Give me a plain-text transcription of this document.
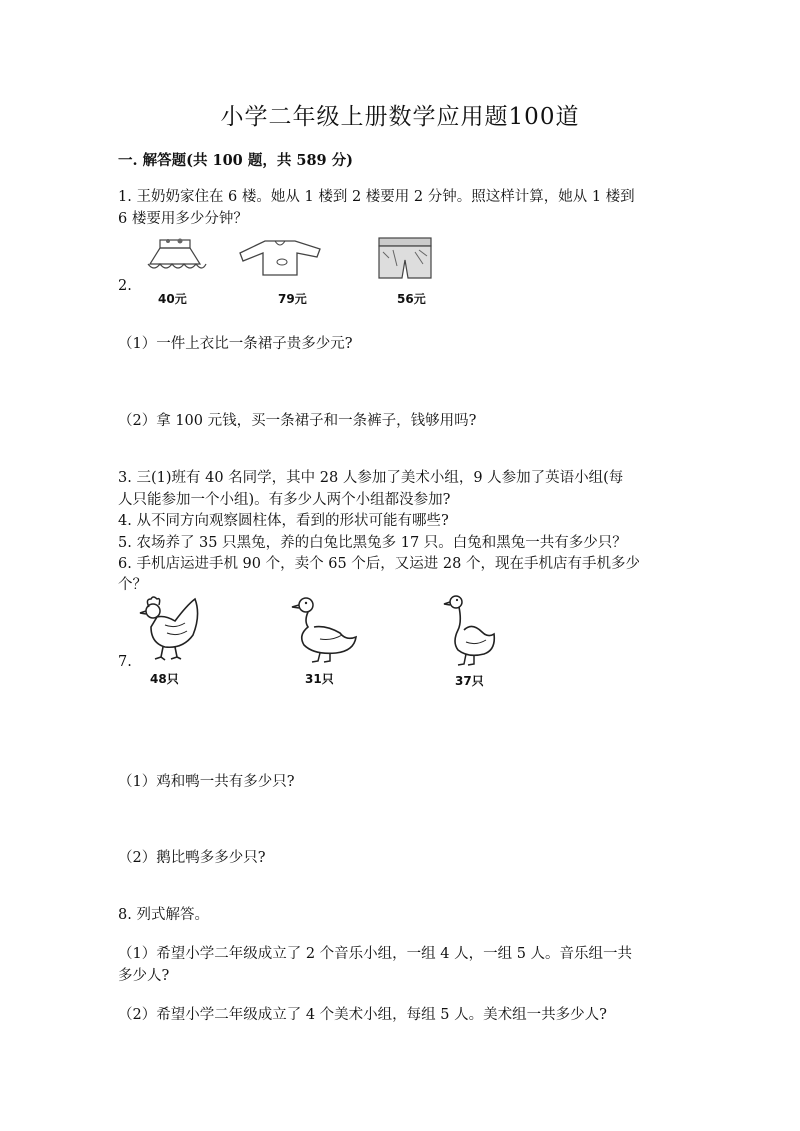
小学二年级上册数学应用题100道
一. 解答题(共 100 题，共 589 分)
1. 王奶奶家住在 6 楼。她从 1 楼到 2 楼要用 2 分钟。照这样计算，她从 1 楼到
6 楼要用多少分钟？
2.
40元	79元	56元
（1）一件上衣比一条裙子贵多少元?
（2）拿 100 元钱，买一条裙子和一条裤子，钱够用吗?
3. 三(1)班有 40 名同学，其中 28 人参加了美术小组，9 人参加了英语小组(每
人只能参加一个小组)。有多少人两个小组都没参加?
4. 从不同方向观察圆柱体，看到的形状可能有哪些?
5. 农场养了 35 只黑兔，养的白兔比黑兔多 17 只。白兔和黑兔一共有多少只？
6. 手机店运进手机 90 个，卖个 65 个后，又运进 28 个，现在手机店有手机多少
个？
7.
48只	31只	37只
（1）鸡和鸭一共有多少只?
（2）鹅比鸭多多少只?
8. 列式解答。
（1）希望小学二年级成立了 2 个音乐小组，一组 4 人，一组 5 人。音乐组一共
多少人?
（2）希望小学二年级成立了 4 个美术小组，每组 5 人。美术组一共多少人?
